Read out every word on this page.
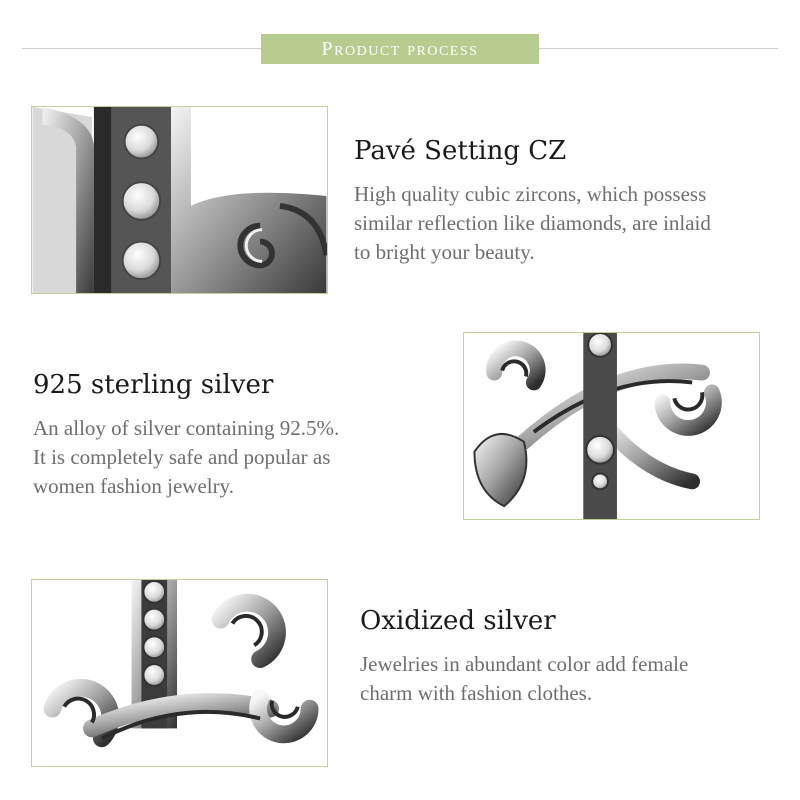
Product process
Pavé Setting CZ
High quality cubic zircons, which possess
similar reflection like diamonds, are inlaid
to bright your beauty.
925 sterling silver
An alloy of silver containing 92.5%.
It is completely safe and popular as
women fashion jewelry.
Oxidized silver
Jewelries in abundant color add female
charm with fashion clothes.
